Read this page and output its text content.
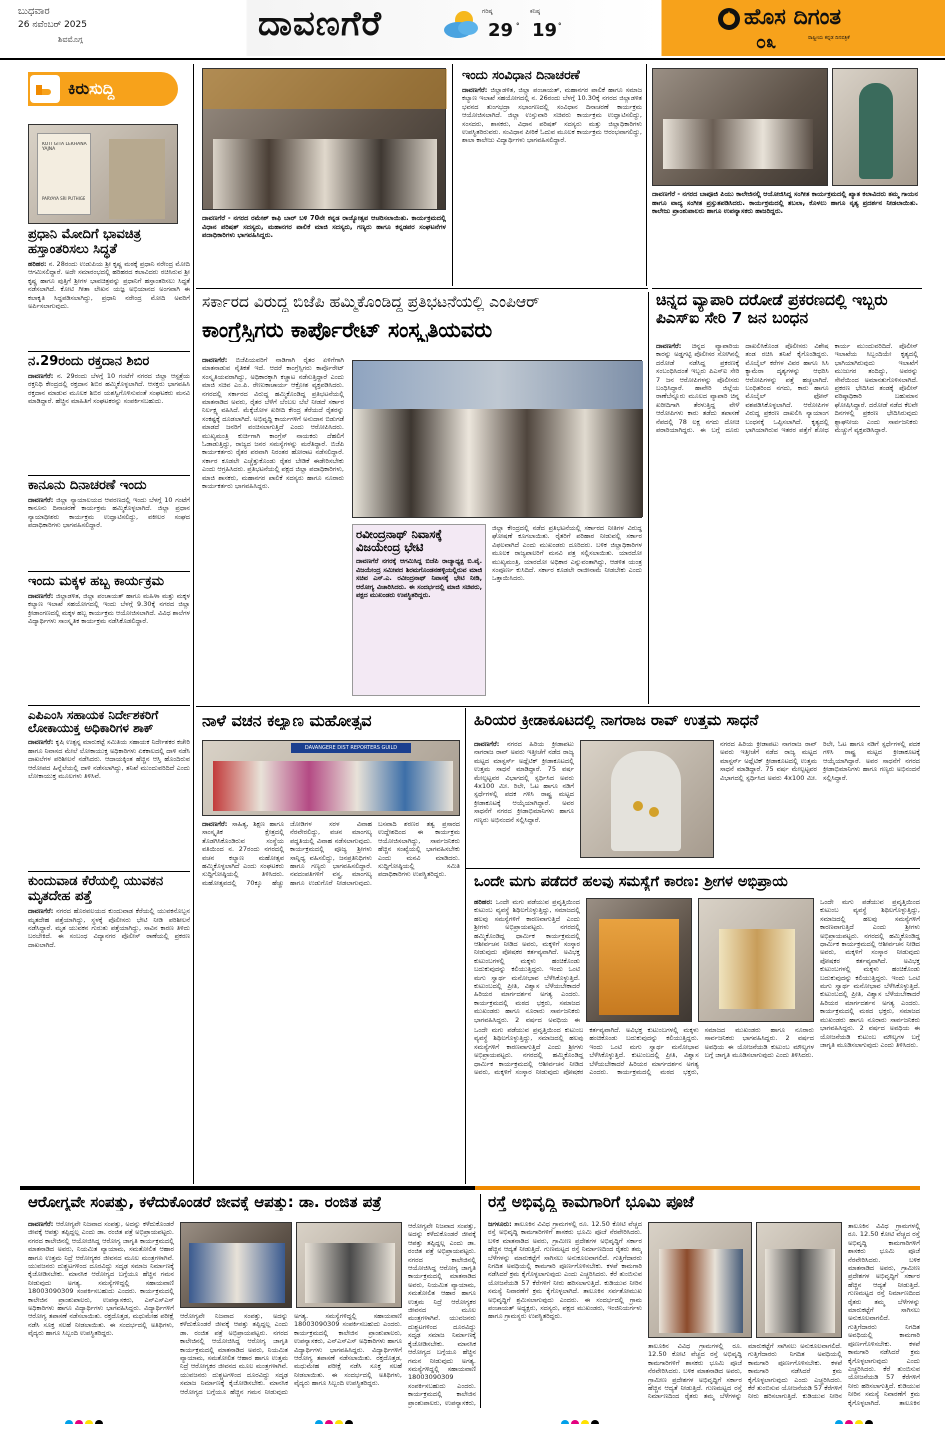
ಬುಧವಾರ
26 ನವೆಂಬರ್ 2025
ಶಿವಮೊಗ್ಗ	ದಾವಣಗೆರೆ	ಗರಿಷ್ಠ
29 °
ಕನಿಷ್ಠ
19 °	ಹೊಸ ದಿಗಂತ
ರಾಷ್ಟ್ರೀಯ ಕನ್ನಡ ದಿನಪತ್ರಿಕೆ
೦೩
ಕಿರುಸುದ್ದಿ
KOTI GITA LEKHANA YAJNA
PARYAYA SRI PUTHIGE
ಪ್ರಧಾನಿ ಮೋದಿಗೆ ಭಾವಚಿತ್ರ ಹಸ್ತಾಂತರಿಸಲು ಸಿದ್ಧತೆ
ಹರಿಹರ: ನ. 28ರಂದು ಉಡುಪಿಯ ಶ್ರೀ ಕೃಷ್ಣ ಮಠಕ್ಕೆ ಪ್ರಧಾನಿ ನರೇಂದ್ರ ಮೋದಿ ಆಗಮಿಸಲಿದ್ದಾರೆ. ಅದೇ ಸಮಾರಂಭದಲ್ಲಿ ಹರಿಹರದ ಕಲಾವಿದರು ರಚಿಸಿರುವ ಶ್ರೀ ಕೃಷ್ಣ ಹಾಗೂ ಪುತ್ತಿಗೆ ಶ್ರೀಗಳ ಭಾವಚಿತ್ರವನ್ನು ಪ್ರಧಾನಿಗೆ ಹಸ್ತಾಂತರಿಸಲು ಸಿದ್ಧತೆ ನಡೆಸಲಾಗಿದೆ. ಕೋಟಿ ಗೀತಾ ಲೇಖನ ಯಜ್ಞ ಅಭಿಯಾನದ ಅಂಗವಾಗಿ ಈ ಕಲಾಕೃತಿ ಸಿದ್ಧಪಡಿಸಲಾಗಿದ್ದು, ಪ್ರಧಾನಿ ನರೇಂದ್ರ ಮೋದಿ ಅವರಿಗೆ ಅರ್ಪಿಸಲಾಗುವುದು.
ನ.29ರಂದು ರಕ್ತದಾನ ಶಿಬಿರ
ದಾವಣಗೆರೆ: ನ. 29ರಂದು ಬೆಳಗ್ಗೆ 10 ಗಂಟೆಗೆ ನಗರದ ಜಿಲ್ಲಾ ಆಸ್ಪತ್ರೆಯ ರಕ್ತನಿಧಿ ಕೇಂದ್ರದಲ್ಲಿ ರಕ್ತದಾನ ಶಿಬಿರ ಹಮ್ಮಿಕೊಳ್ಳಲಾಗಿದೆ. ಆಸಕ್ತರು ಭಾಗವಹಿಸಿ ರಕ್ತದಾನ ಮಾಡುವ ಮೂಲಕ ಶಿಬಿರ ಯಶಸ್ವಿಗೊಳಿಸುವಂತೆ ಸಂಘಟಕರು ಮನವಿ ಮಾಡಿದ್ದಾರೆ. ಹೆಚ್ಚಿನ ಮಾಹಿತಿಗೆ ಸಂಘಟಕರನ್ನು ಸಂಪರ್ಕಿಸಬಹುದು.
ಕಾನೂನು ದಿನಾಚರಣೆ ಇಂದು
ದಾವಣಗೆರೆ: ಜಿಲ್ಲಾ ನ್ಯಾಯಾಲಯದ ಆವರಣದಲ್ಲಿ ಇಂದು ಬೆಳಗ್ಗೆ 10 ಗಂಟೆಗೆ ಕಾನೂನು ದಿನಾಚರಣೆ ಕಾರ್ಯಕ್ರಮ ಹಮ್ಮಿಕೊಳ್ಳಲಾಗಿದೆ. ಜಿಲ್ಲಾ ಪ್ರಧಾನ ನ್ಯಾಯಾಧೀಶರು ಕಾರ್ಯಕ್ರಮ ಉದ್ಘಾಟಿಸಲಿದ್ದು, ವಕೀಲರ ಸಂಘದ ಪದಾಧಿಕಾರಿಗಳು ಭಾಗವಹಿಸಲಿದ್ದಾರೆ.
ಇಂದು ಮಕ್ಕಳ ಹಬ್ಬ ಕಾರ್ಯಕ್ರಮ
ದಾವಣಗೆರೆ: ಜಿಲ್ಲಾಡಳಿತ, ಜಿಲ್ಲಾ ಪಂಚಾಯತ್ ಹಾಗೂ ಮಹಿಳಾ ಮತ್ತು ಮಕ್ಕಳ ಕಲ್ಯಾಣ ಇಲಾಖೆ ಸಹಯೋಗದಲ್ಲಿ ಇಂದು ಬೆಳಗ್ಗೆ 9.30ಕ್ಕೆ ನಗರದ ಜಿಲ್ಲಾ ಕ್ರೀಡಾಂಗಣದಲ್ಲಿ ಮಕ್ಕಳ ಹಬ್ಬ ಕಾರ್ಯಕ್ರಮ ಆಯೋಜಿಸಲಾಗಿದೆ. ವಿವಿಧ ಶಾಲೆಗಳ ವಿದ್ಯಾರ್ಥಿಗಳು ಸಾಂಸ್ಕೃತಿಕ ಕಾರ್ಯಕ್ರಮ ನಡೆಸಿಕೊಡಲಿದ್ದಾರೆ.
ಎಪಿಎಂಸಿ ಸಹಾಯಕ ನಿರ್ದೇಶಕರಿಗೆ ಲೋಕಾಯುಕ್ತ ಅಧಿಕಾರಿಗಳ ಶಾಕ್
ದಾವಣಗೆರೆ: ಕೃಷಿ ಉತ್ಪನ್ನ ಮಾರುಕಟ್ಟೆ ಸಮಿತಿಯ ಸಹಾಯಕ ನಿರ್ದೇಶಕರ ಕಚೇರಿ ಹಾಗೂ ನಿವಾಸದ ಮೇಲೆ ಲೋಕಾಯುಕ್ತ ಅಧಿಕಾರಿಗಳು ಏಕಕಾಲದಲ್ಲಿ ದಾಳಿ ನಡೆಸಿ ದಾಖಲೆಗಳ ಪರಿಶೀಲನೆ ನಡೆಸಿದರು. ಆದಾಯಕ್ಕಿಂತ ಹೆಚ್ಚಿನ ಆಸ್ತಿ ಹೊಂದಿರುವ ಆರೋಪದ ಹಿನ್ನೆಲೆಯಲ್ಲಿ ದಾಳಿ ನಡೆಸಲಾಗಿದ್ದು, ತನಿಖೆ ಮುಂದುವರಿದಿದೆ ಎಂದು ಲೋಕಾಯುಕ್ತ ಮೂಲಗಳು ತಿಳಿಸಿವೆ.
ಕುಂದುವಾಡ ಕೆರೆಯಲ್ಲಿ ಯುವಕನ ಮೃತದೇಹ ಪತ್ತೆ
ದಾವಣಗೆರೆ: ನಗರದ ಹೊರವಲಯದ ಕುಂದುವಾಡ ಕೆರೆಯಲ್ಲಿ ಯುವಕನೊಬ್ಬನ ಮೃತದೇಹ ಪತ್ತೆಯಾಗಿದ್ದು, ಸ್ಥಳಕ್ಕೆ ಪೊಲೀಸರು ಭೇಟಿ ನೀಡಿ ಪರಿಶೀಲನೆ ನಡೆಸಿದ್ದಾರೆ. ಮೃತ ಯುವಕನ ಗುರುತು ಪತ್ತೆಯಾಗಿದ್ದು, ಸಾವಿನ ಕಾರಣ ತಿಳಿದು ಬರಬೇಕಿದೆ. ಈ ಸಂಬಂಧ ವಿದ್ಯಾನಗರ ಪೊಲೀಸ್ ಠಾಣೆಯಲ್ಲಿ ಪ್ರಕರಣ ದಾಖಲಾಗಿದೆ.
ದಾವಣಗೆರೆ - ನಗರದ ರಮೇಶ್ ಕಾಫಿ ಬಾರ್ ಬಳಿ 70ನೇ ಕನ್ನಡ ರಾಜ್ಯೋತ್ಸವ ಆಚರಿಸಲಾಯಿತು. ಕಾರ್ಯಕ್ರಮದಲ್ಲಿ ವಿಧಾನ ಪರಿಷತ್ ಸದಸ್ಯರು, ಮಹಾನಗರ ಪಾಲಿಕೆ ಮಾಜಿ ಸದಸ್ಯರು, ಗಣ್ಯರು ಹಾಗೂ ಕನ್ನಡಪರ ಸಂಘಟನೆಗಳ ಪದಾಧಿಕಾರಿಗಳು ಭಾಗವಹಿಸಿದ್ದರು.
ಇಂದು ಸಂವಿಧಾನ ದಿನಾಚರಣೆ
ದಾವಣಗೆರೆ: ಜಿಲ್ಲಾಡಳಿತ, ಜಿಲ್ಲಾ ಪಂಚಾಯತ್, ಮಹಾನಗರ ಪಾಲಿಕೆ ಹಾಗೂ ಸಮಾಜ ಕಲ್ಯಾಣ ಇಲಾಖೆ ಸಹಯೋಗದಲ್ಲಿ ನ. 26ರಂದು ಬೆಳಗ್ಗೆ 10.30ಕ್ಕೆ ನಗರದ ಜಿಲ್ಲಾಡಳಿತ ಭವನದ ತುಂಗಭದ್ರಾ ಸಭಾಂಗಣದಲ್ಲಿ ಸಂವಿಧಾನ ದಿನಾಚರಣೆ ಕಾರ್ಯಕ್ರಮ ಆಯೋಜಿಸಲಾಗಿದೆ. ಜಿಲ್ಲಾ ಉಸ್ತುವಾರಿ ಸಚಿವರು ಕಾರ್ಯಕ್ರಮ ಉದ್ಘಾಟಿಸಲಿದ್ದು, ಸಂಸದರು, ಶಾಸಕರು, ವಿಧಾನ ಪರಿಷತ್ ಸದಸ್ಯರು ಮತ್ತು ಜಿಲ್ಲಾಧಿಕಾರಿಗಳು ಉಪಸ್ಥಿತರಿರುವರು. ಸಂವಿಧಾನ ಪೀಠಿಕೆ ಓದುವ ಮೂಲಕ ಕಾರ್ಯಕ್ರಮ ಆರಂಭವಾಗಲಿದ್ದು, ಶಾಲಾ ಕಾಲೇಜು ವಿದ್ಯಾರ್ಥಿಗಳು ಭಾಗವಹಿಸಲಿದ್ದಾರೆ.
ದಾವಣಗೆರೆ - ನಗರದ ಬಾಪೂಜಿ ಪಿಯು ಕಾಲೇಜಿನಲ್ಲಿ ಆಯೋಜಿಸಿದ್ದ ಸಂಗೀತ ಕಾರ್ಯಕ್ರಮದಲ್ಲಿ ಖ್ಯಾತ ಕಲಾವಿದರು ತಮ್ಮ ಗಾಯನ ಹಾಗೂ ವಾದ್ಯ ಸಂಗೀತ ಪ್ರಸ್ತುತಪಡಿಸಿದರು. ಕಾರ್ಯಕ್ರಮದಲ್ಲಿ ತಬಲಾ, ಕೊಳಲು ಹಾಗೂ ನೃತ್ಯ ಪ್ರದರ್ಶನ ನೀಡಲಾಯಿತು. ಕಾಲೇಜು ಪ್ರಾಂಶುಪಾಲರು ಹಾಗೂ ಉಪನ್ಯಾಸಕರು ಹಾಜರಿದ್ದರು.
ಸರ್ಕಾರದ ವಿರುದ್ಧ ಬಿಜೆಪಿ ಹಮ್ಮಿಕೊಂಡಿದ್ದ ಪ್ರತಿಭಟನೆಯಲ್ಲಿ ಎಂಪಿಆರ್
ಕಾಂಗ್ರೆಸ್ಸಿಗರು ಕಾರ್ಪೊರೇಟ್ ಸಂಸ್ಕೃತಿಯವರು
ದಾವಣಗೆರೆ: ಬಿಜೆಪಿಯವರಿಗೆ ನಾಡಿಗಾಗಿ ರೈತರ ಏಳಿಗೆಗಾಗಿ ಮಾತನಾಡುವ ನೈತಿಕತೆ ಇದೆ. ಆದರೆ ಕಾಂಗ್ರೆಸ್ಸಿಗರು ಕಾರ್ಪೊರೇಟ್ ಸಂಸ್ಕೃತಿಯವರಾಗಿದ್ದು, ಅಧಿಕಾರಕ್ಕಾಗಿ ಕಚ್ಚಾಟ ನಡೆಸುತ್ತಿದ್ದಾರೆ ಎಂದು ಮಾಜಿ ಸಚಿವ ಎಂ.ಪಿ. ರೇಣುಕಾಚಾರ್ಯ ಆಕ್ರೋಶ ವ್ಯಕ್ತಪಡಿಸಿದರು. ನಗರದಲ್ಲಿ ಸರ್ಕಾರದ ವಿರುದ್ಧ ಹಮ್ಮಿಕೊಂಡಿದ್ದ ಪ್ರತಿಭಟನೆಯಲ್ಲಿ ಮಾತನಾಡಿದ ಅವರು, ರೈತರ ಬೆಳೆಗೆ ಬೆಂಬಲ ಬೆಲೆ ನೀಡದೆ ಸರ್ಕಾರ ನಿರ್ಲಕ್ಷ್ಯ ವಹಿಸಿದೆ. ಮೆಕ್ಕೆಜೋಳ ಖರೀದಿ ಕೇಂದ್ರ ತೆರೆಯದೆ ರೈತರನ್ನು ಸಂಕಷ್ಟಕ್ಕೆ ದೂಡಲಾಗಿದೆ. ಅಭಿವೃದ್ಧಿ ಕಾರ್ಯಗಳಿಗೆ ಅನುದಾನ ಬಿಡುಗಡೆ ಮಾಡದೆ ಜನರಿಗೆ ವಂಚಿಸಲಾಗುತ್ತಿದೆ ಎಂದು ಆರೋಪಿಸಿದರು. ಮುಖ್ಯಮಂತ್ರಿ ಕುರ್ಚಿಗಾಗಿ ಕಾಂಗ್ರೆಸ್ ನಾಯಕರು ದೆಹಲಿಗೆ ಓಡಾಡುತ್ತಿದ್ದು, ರಾಜ್ಯದ ಜನರ ಸಮಸ್ಯೆಗಳನ್ನು ಮರೆತಿದ್ದಾರೆ. ಬಿಜೆಪಿ ಕಾರ್ಯಕರ್ತರು ರೈತರ ಪರವಾಗಿ ನಿರಂತರ ಹೋರಾಟ ನಡೆಸಲಿದ್ದಾರೆ. ಸರ್ಕಾರ ಕೂಡಲೇ ಎಚ್ಚೆತ್ತುಕೊಂಡು ರೈತರ ಬೇಡಿಕೆ ಈಡೇರಿಸಬೇಕು ಎಂದು ಆಗ್ರಹಿಸಿದರು. ಪ್ರತಿಭಟನೆಯಲ್ಲಿ ಪಕ್ಷದ ಜಿಲ್ಲಾ ಪದಾಧಿಕಾರಿಗಳು, ಮಾಜಿ ಶಾಸಕರು, ಮಹಾನಗರ ಪಾಲಿಕೆ ಸದಸ್ಯರು ಹಾಗೂ ನೂರಾರು ಕಾರ್ಯಕರ್ತರು ಭಾಗವಹಿಸಿದ್ದರು.
ರವೀಂದ್ರನಾಥ್ ನಿವಾಸಕ್ಕೆ ವಿಜಯೇಂದ್ರ ಭೇಟಿ
ದಾವಣಗೆರೆ ನಗರಕ್ಕೆ ಆಗಮಿಸಿದ್ದ ಬಿಜೆಪಿ ರಾಜ್ಯಾಧ್ಯಕ್ಷ ಬಿ.ವೈ. ವಿಜಯೇಂದ್ರ ಸಮೀಪದ ಶಿರಮಗೊಂಡನಹಳ್ಳಿಯಲ್ಲಿರುವ ಮಾಜಿ ಸಚಿವ ಎಸ್.ಎ. ರವೀಂದ್ರನಾಥ್ ನಿವಾಸಕ್ಕೆ ಭೇಟಿ ನೀಡಿ, ಆರೋಗ್ಯ ವಿಚಾರಿಸಿದರು. ಈ ಸಂದರ್ಭದಲ್ಲಿ ಮಾಜಿ ಸಚಿವರು, ಪಕ್ಷದ ಮುಖಂಡರು ಉಪಸ್ಥಿತರಿದ್ದರು.
ಜಿಲ್ಲಾ ಕೇಂದ್ರದಲ್ಲಿ ನಡೆದ ಪ್ರತಿಭಟನೆಯಲ್ಲಿ ಸರ್ಕಾರದ ನೀತಿಗಳ ವಿರುದ್ಧ ಘೋಷಣೆ ಕೂಗಲಾಯಿತು. ರೈತರಿಗೆ ಪರಿಹಾರ ನೀಡುವಲ್ಲಿ ಸರ್ಕಾರ ವಿಫಲವಾಗಿದೆ ಎಂದು ಮುಖಂಡರು ದೂರಿದರು. ಬಳಿಕ ಜಿಲ್ಲಾಧಿಕಾರಿಗಳ ಮೂಲಕ ರಾಜ್ಯಪಾಲರಿಗೆ ಮನವಿ ಪತ್ರ ಸಲ್ಲಿಸಲಾಯಿತು. ಯಾರದೋ ಮುಖ್ಯಮಂತ್ರಿ, ಯಾರದೋ ಅಧಿಕಾರ ಎನ್ನುವಂತಾಗಿದ್ದು, ಆಡಳಿತ ಯಂತ್ರ ಸಂಪೂರ್ಣ ಕುಸಿದಿದೆ. ಸರ್ಕಾರ ಕೂಡಲೇ ರಾಜೀನಾಮೆ ನೀಡಬೇಕು ಎಂದು ಒತ್ತಾಯಿಸಿದರು.
ಚಿನ್ನದ ವ್ಯಾಪಾರಿ ದರೋಡೆ ಪ್ರಕರಣದಲ್ಲಿ ಇಬ್ಬರು ಪಿಎಸ್ಐ ಸೇರಿ 7 ಜನ ಬಂಧನ
ದಾವಣಗೆರೆ: ಚಿನ್ನದ ವ್ಯಾಪಾರಿಯ ಕಾರನ್ನು ಅಡ್ಡಗಟ್ಟಿ ಪೊಲೀಸರ ಸೋಗಿನಲ್ಲಿ ದರೋಡೆ ನಡೆಸಿದ್ದ ಪ್ರಕರಣಕ್ಕೆ ಸಂಬಂಧಿಸಿದಂತೆ ಇಬ್ಬರು ಪಿಎಸ್ಐ ಸೇರಿ 7 ಜನ ಆರೋಪಿಗಳನ್ನು ಪೊಲೀಸರು ಬಂಧಿಸಿದ್ದಾರೆ. ಹಾವೇರಿ ಜಿಲ್ಲೆಯ ರಾಣೆಬೆನ್ನೂರು ಮೂಲದ ವ್ಯಾಪಾರಿ ಚಿನ್ನ ಖರೀದಿಗಾಗಿ ತೆರಳುತ್ತಿದ್ದ ವೇಳೆ ಆರೋಪಿಗಳು ಕಾರು ತಡೆದು ತಪಾಸಣೆ ನೆಪದಲ್ಲಿ 78 ಲಕ್ಷ ನಗದು ದೋಚಿ ಪರಾರಿಯಾಗಿದ್ದರು. ಈ ಬಗ್ಗೆ ದೂರು ದಾಖಲಿಸಿಕೊಂಡ ಪೊಲೀಸರು ವಿಶೇಷ ತಂಡ ರಚಿಸಿ ತನಿಖೆ ಕೈಗೊಂಡಿದ್ದರು. ಮೊಬೈಲ್ ಕರೆಗಳ ವಿವರ ಹಾಗೂ ಸಿಸಿ ಕ್ಯಾಮೆರಾ ದೃಶ್ಯಗಳನ್ನು ಆಧರಿಸಿ ಆರೋಪಿಗಳನ್ನು ಪತ್ತೆ ಹಚ್ಚಲಾಗಿದೆ. ಬಂಧಿತರಿಂದ ನಗದು, ಕಾರು ಹಾಗೂ ಮೊಬೈಲ್ ಫೋನ್ ವಶಪಡಿಸಿಕೊಳ್ಳಲಾಗಿದೆ. ಆರೋಪಿಗಳ ವಿರುದ್ಧ ಪ್ರಕರಣ ದಾಖಲಿಸಿ ನ್ಯಾಯಾಂಗ ಬಂಧನಕ್ಕೆ ಒಪ್ಪಿಸಲಾಗಿದೆ. ಕೃತ್ಯದಲ್ಲಿ ಭಾಗಿಯಾಗಿರುವ ಇತರರ ಪತ್ತೆಗೆ ಶೋಧ ಕಾರ್ಯ ಮುಂದುವರಿದಿದೆ. ಪೊಲೀಸ್ ಇಲಾಖೆಯ ಸಿಬ್ಬಂದಿಯೇ ಕೃತ್ಯದಲ್ಲಿ ಭಾಗಿಯಾಗಿರುವುದು ಇಲಾಖೆಗೆ ಮುಜುಗರ ತಂದಿದ್ದು, ಅವರನ್ನು ಸೇವೆಯಿಂದ ಅಮಾನತುಗೊಳಿಸಲಾಗಿದೆ. ಪ್ರಕರಣ ಭೇದಿಸಿದ ತಂಡಕ್ಕೆ ಪೊಲೀಸ್ ವರಿಷ್ಠಾಧಿಕಾರಿ ಬಹುಮಾನ ಘೋಷಿಸಿದ್ದಾರೆ. ದರೋಡೆ ನಡೆದ ಕೆಲವೇ ದಿನಗಳಲ್ಲಿ ಪ್ರಕರಣ ಭೇದಿಸಿರುವುದು ಶ್ಲಾಘನೀಯ ಎಂದು ಸಾರ್ವಜನಿಕರು ಮೆಚ್ಚುಗೆ ವ್ಯಕ್ತಪಡಿಸಿದ್ದಾರೆ.
ನಾಳೆ ವಚನ ಕಲ್ಯಾಣ ಮಹೋತ್ಸವ
DAVANGERE DIST REPORTERS GUILD
ದಾವಣಗೆರೆ: ಸಾಹಿತ್ಯ, ಶಿಕ್ಷಣ ಹಾಗೂ ಸಾಂಸ್ಕೃತಿಕ ಕ್ಷೇತ್ರದಲ್ಲಿ ತೊಡಗಿಸಿಕೊಂಡಿರುವ ಸಂಸ್ಥೆಯ ವತಿಯಿಂದ ನ. 27ರಂದು ನಗರದಲ್ಲಿ ವಚನ ಕಲ್ಯಾಣ ಮಹೋತ್ಸವ ಹಮ್ಮಿಕೊಳ್ಳಲಾಗಿದೆ ಎಂದು ಸಂಘಟಕರು ಸುದ್ದಿಗೋಷ್ಠಿಯಲ್ಲಿ ತಿಳಿಸಿದರು. ಮಹೋತ್ಸವದಲ್ಲಿ 70ಕ್ಕೂ ಹೆಚ್ಚು ಜೋಡಿಗಳ ಸರಳ ವಿವಾಹ ನೆರವೇರಲಿದ್ದು, ವಚನ ಮಾಂಗಲ್ಯ ಪದ್ಧತಿಯಲ್ಲಿ ವಿವಾಹ ನಡೆಸಲಾಗುವುದು. ಕಾರ್ಯಕ್ರಮದಲ್ಲಿ ಪೂಜ್ಯ ಶ್ರೀಗಳು ಸಾನ್ನಿಧ್ಯ ವಹಿಸಲಿದ್ದು, ಜನಪ್ರತಿನಿಧಿಗಳು ಹಾಗೂ ಗಣ್ಯರು ಭಾಗವಹಿಸಲಿದ್ದಾರೆ. ನವದಂಪತಿಗಳಿಗೆ ವಸ್ತ್ರ, ಮಾಂಗಲ್ಯ ಹಾಗೂ ಉಡುಗೊರೆ ನೀಡಲಾಗುವುದು. ಬಸವಾದಿ ಶರಣರ ತತ್ವ ಪ್ರಸಾರದ ಉದ್ದೇಶದಿಂದ ಈ ಕಾರ್ಯಕ್ರಮ ಆಯೋಜಿಸಲಾಗಿದ್ದು, ಸಾರ್ವಜನಿಕರು ಹೆಚ್ಚಿನ ಸಂಖ್ಯೆಯಲ್ಲಿ ಭಾಗವಹಿಸಬೇಕು ಎಂದು ಮನವಿ ಮಾಡಿದರು. ಸುದ್ದಿಗೋಷ್ಠಿಯಲ್ಲಿ ಸಮಿತಿ ಪದಾಧಿಕಾರಿಗಳು ಉಪಸ್ಥಿತರಿದ್ದರು.
ಹಿರಿಯರ ಕ್ರೀಡಾಕೂಟದಲ್ಲಿ ನಾಗರಾಜ ರಾವ್ ಉತ್ತಮ ಸಾಧನೆ
ದಾವಣಗೆರೆ: ನಗರದ ಹಿರಿಯ ಕ್ರೀಡಾಪಟು ನಾಗರಾಜ ರಾವ್ ಅವರು ಇತ್ತೀಚೆಗೆ ನಡೆದ ರಾಜ್ಯ ಮಟ್ಟದ ಮಾಸ್ಟರ್ಸ್ ಅಥ್ಲೆಟಿಕ್ ಕ್ರೀಡಾಕೂಟದಲ್ಲಿ ಉತ್ತಮ ಸಾಧನೆ ಮಾಡಿದ್ದಾರೆ. 75 ವರ್ಷ ಮೇಲ್ಪಟ್ಟವರ ವಿಭಾಗದಲ್ಲಿ ಸ್ಪರ್ಧಿಸಿದ ಅವರು 4x100 ಮೀ. ರಿಲೇ, ಓಟ ಹಾಗೂ ನಡಿಗೆ ಸ್ಪರ್ಧೆಗಳಲ್ಲಿ ಪದಕ ಗಳಿಸಿ ರಾಷ್ಟ್ರ ಮಟ್ಟದ ಕ್ರೀಡಾಕೂಟಕ್ಕೆ ಆಯ್ಕೆಯಾಗಿದ್ದಾರೆ. ಅವರ ಸಾಧನೆಗೆ ನಗರದ ಕ್ರೀಡಾಭಿಮಾನಿಗಳು ಹಾಗೂ ಗಣ್ಯರು ಅಭಿನಂದನೆ ಸಲ್ಲಿಸಿದ್ದಾರೆ.
ನಗರದ ಹಿರಿಯ ಕ್ರೀಡಾಪಟು ನಾಗರಾಜ ರಾವ್ ಅವರು ಇತ್ತೀಚೆಗೆ ನಡೆದ ರಾಜ್ಯ ಮಟ್ಟದ ಮಾಸ್ಟರ್ಸ್ ಅಥ್ಲೆಟಿಕ್ ಕ್ರೀಡಾಕೂಟದಲ್ಲಿ ಉತ್ತಮ ಸಾಧನೆ ಮಾಡಿದ್ದಾರೆ. 75 ವರ್ಷ ಮೇಲ್ಪಟ್ಟವರ ವಿಭಾಗದಲ್ಲಿ ಸ್ಪರ್ಧಿಸಿದ ಅವರು 4x100 ಮೀ. ರಿಲೇ, ಓಟ ಹಾಗೂ ನಡಿಗೆ ಸ್ಪರ್ಧೆಗಳಲ್ಲಿ ಪದಕ ಗಳಿಸಿ ರಾಷ್ಟ್ರ ಮಟ್ಟದ ಕ್ರೀಡಾಕೂಟಕ್ಕೆ ಆಯ್ಕೆಯಾಗಿದ್ದಾರೆ. ಅವರ ಸಾಧನೆಗೆ ನಗರದ ಕ್ರೀಡಾಭಿಮಾನಿಗಳು ಹಾಗೂ ಗಣ್ಯರು ಅಭಿನಂದನೆ ಸಲ್ಲಿಸಿದ್ದಾರೆ.
ಒಂದೇ ಮಗು ಪಡೆದರೆ ಹಲವು ಸಮಸ್ಯೆಗೆ ಕಾರಣ: ಶ್ರೀಗಳ ಅಭಿಪ್ರಾಯ
ಹರಿಹರ: ಒಂದೇ ಮಗು ಪಡೆಯುವ ಪ್ರವೃತ್ತಿಯಿಂದ ಕುಟುಂಬ ವ್ಯವಸ್ಥೆ ಶಿಥಿಲಗೊಳ್ಳುತ್ತಿದ್ದು, ಸಮಾಜದಲ್ಲಿ ಹಲವು ಸಮಸ್ಯೆಗಳಿಗೆ ಕಾರಣವಾಗುತ್ತಿದೆ ಎಂದು ಶ್ರೀಗಳು ಅಭಿಪ್ರಾಯಪಟ್ಟರು. ನಗರದಲ್ಲಿ ಹಮ್ಮಿಕೊಂಡಿದ್ದ ಧಾರ್ಮಿಕ ಕಾರ್ಯಕ್ರಮದಲ್ಲಿ ಆಶೀರ್ವಚನ ನೀಡಿದ ಅವರು, ಮಕ್ಕಳಿಗೆ ಸಂಸ್ಕಾರ ನೀಡುವುದು ಪೋಷಕರ ಕರ್ತವ್ಯವಾಗಿದೆ. ಅವಿಭಕ್ತ ಕುಟುಂಬಗಳಲ್ಲಿ ಮಕ್ಕಳು ಹಂಚಿಕೊಂಡು ಬದುಕುವುದನ್ನು ಕಲಿಯುತ್ತಿದ್ದರು. ಇಂದು ಒಂಟಿ ಮಗು ಸ್ವಾರ್ಥ ಮನೋಭಾವ ಬೆಳೆಸಿಕೊಳ್ಳುತ್ತಿದೆ. ಕುಟುಂಬದಲ್ಲಿ ಪ್ರೀತಿ, ವಿಶ್ವಾಸ ಬೆಳೆಯಬೇಕಾದರೆ ಹಿರಿಯರ ಮಾರ್ಗದರ್ಶನ ಅಗತ್ಯ ಎಂದರು. ಕಾರ್ಯಕ್ರಮದಲ್ಲಿ ಮಠದ ಭಕ್ತರು, ಸಮಾಜದ ಮುಖಂಡರು ಹಾಗೂ ನೂರಾರು ಸಾರ್ವಜನಿಕರು ಭಾಗವಹಿಸಿದ್ದರು. 2 ವರ್ಷದ ಅವಧಿಯ ಈ
ಒಂದೇ ಮಗು ಪಡೆಯುವ ಪ್ರವೃತ್ತಿಯಿಂದ ಕುಟುಂಬ ವ್ಯವಸ್ಥೆ ಶಿಥಿಲಗೊಳ್ಳುತ್ತಿದ್ದು, ಸಮಾಜದಲ್ಲಿ ಹಲವು ಸಮಸ್ಯೆಗಳಿಗೆ ಕಾರಣವಾಗುತ್ತಿದೆ ಎಂದು ಶ್ರೀಗಳು ಅಭಿಪ್ರಾಯಪಟ್ಟರು. ನಗರದಲ್ಲಿ ಹಮ್ಮಿಕೊಂಡಿದ್ದ ಧಾರ್ಮಿಕ ಕಾರ್ಯಕ್ರಮದಲ್ಲಿ ಆಶೀರ್ವಚನ ನೀಡಿದ ಅವರು, ಮಕ್ಕಳಿಗೆ ಸಂಸ್ಕಾರ ನೀಡುವುದು ಪೋಷಕರ ಕರ್ತವ್ಯವಾಗಿದೆ. ಅವಿಭಕ್ತ ಕುಟುಂಬಗಳಲ್ಲಿ ಮಕ್ಕಳು ಹಂಚಿಕೊಂಡು ಬದುಕುವುದನ್ನು ಕಲಿಯುತ್ತಿದ್ದರು. ಇಂದು ಒಂಟಿ ಮಗು ಸ್ವಾರ್ಥ ಮನೋಭಾವ ಬೆಳೆಸಿಕೊಳ್ಳುತ್ತಿದೆ. ಕುಟುಂಬದಲ್ಲಿ ಪ್ರೀತಿ, ವಿಶ್ವಾಸ ಬೆಳೆಯಬೇಕಾದರೆ ಹಿರಿಯರ ಮಾರ್ಗದರ್ಶನ ಅಗತ್ಯ ಎಂದರು. ಕಾರ್ಯಕ್ರಮದಲ್ಲಿ ಮಠದ ಭಕ್ತರು, ಸಮಾಜದ ಮುಖಂಡರು ಹಾಗೂ ನೂರಾರು ಸಾರ್ವಜನಿಕರು ಭಾಗವಹಿಸಿದ್ದರು. 2 ವರ್ಷದ ಅವಧಿಯ ಈ ಯೋಜನೆಯಡಿ ಕುಟುಂಬ ಮೌಲ್ಯಗಳ ಬಗ್ಗೆ ಜಾಗೃತಿ ಮೂಡಿಸಲಾಗುವುದು ಎಂದು ತಿಳಿಸಿದರು.
ಒಂದೇ ಮಗು ಪಡೆಯುವ ಪ್ರವೃತ್ತಿಯಿಂದ ಕುಟುಂಬ ವ್ಯವಸ್ಥೆ ಶಿಥಿಲಗೊಳ್ಳುತ್ತಿದ್ದು, ಸಮಾಜದಲ್ಲಿ ಹಲವು ಸಮಸ್ಯೆಗಳಿಗೆ ಕಾರಣವಾಗುತ್ತಿದೆ ಎಂದು ಶ್ರೀಗಳು ಅಭಿಪ್ರಾಯಪಟ್ಟರು. ನಗರದಲ್ಲಿ ಹಮ್ಮಿಕೊಂಡಿದ್ದ ಧಾರ್ಮಿಕ ಕಾರ್ಯಕ್ರಮದಲ್ಲಿ ಆಶೀರ್ವಚನ ನೀಡಿದ ಅವರು, ಮಕ್ಕಳಿಗೆ ಸಂಸ್ಕಾರ ನೀಡುವುದು ಪೋಷಕರ ಕರ್ತವ್ಯವಾಗಿದೆ. ಅವಿಭಕ್ತ ಕುಟುಂಬಗಳಲ್ಲಿ ಮಕ್ಕಳು ಹಂಚಿಕೊಂಡು ಬದುಕುವುದನ್ನು ಕಲಿಯುತ್ತಿದ್ದರು. ಇಂದು ಒಂಟಿ ಮಗು ಸ್ವಾರ್ಥ ಮನೋಭಾವ ಬೆಳೆಸಿಕೊಳ್ಳುತ್ತಿದೆ. ಕುಟುಂಬದಲ್ಲಿ ಪ್ರೀತಿ, ವಿಶ್ವಾಸ ಬೆಳೆಯಬೇಕಾದರೆ ಹಿರಿಯರ ಮಾರ್ಗದರ್ಶನ ಅಗತ್ಯ ಎಂದರು. ಕಾರ್ಯಕ್ರಮದಲ್ಲಿ ಮಠದ ಭಕ್ತರು, ಸಮಾಜದ ಮುಖಂಡರು ಹಾಗೂ ನೂರಾರು ಸಾರ್ವಜನಿಕರು ಭಾಗವಹಿಸಿದ್ದರು. 2 ವರ್ಷದ ಅವಧಿಯ ಈ ಯೋಜನೆಯಡಿ ಕುಟುಂಬ ಮೌಲ್ಯಗಳ ಬಗ್ಗೆ ಜಾಗೃತಿ ಮೂಡಿಸಲಾಗುವುದು ಎಂದು ತಿಳಿಸಿದರು.
ಆರೋಗ್ಯವೇ ಸಂಪತ್ತು, ಕಳೆದುಕೊಂಡರೆ ಜೀವಕ್ಕೆ ಆಪತ್ತು: ಡಾ. ರಂಜಿತ ಪತ್ರೆ
ದಾವಣಗೆರೆ: ಆರೋಗ್ಯವೇ ನಿಜವಾದ ಸಂಪತ್ತು, ಅದನ್ನು ಕಳೆದುಕೊಂಡರೆ ಜೀವಕ್ಕೆ ಆಪತ್ತು ತಪ್ಪಿದ್ದಲ್ಲ ಎಂದು ಡಾ. ರಂಜಿತ ಪತ್ರೆ ಅಭಿಪ್ರಾಯಪಟ್ಟರು. ನಗರದ ಕಾಲೇಜಿನಲ್ಲಿ ಆಯೋಜಿಸಿದ್ದ ಆರೋಗ್ಯ ಜಾಗೃತಿ ಕಾರ್ಯಕ್ರಮದಲ್ಲಿ ಮಾತನಾಡಿದ ಅವರು, ನಿಯಮಿತ ವ್ಯಾಯಾಮ, ಸಮತೋಲಿತ ಆಹಾರ ಹಾಗೂ ಉತ್ತಮ ನಿದ್ರೆ ಆರೋಗ್ಯಕರ ಜೀವನದ ಮೂಲ ಮಂತ್ರಗಳಾಗಿವೆ. ಯುವಜನರು ದುಶ್ಚಟಗಳಿಂದ ದೂರವಿದ್ದು ಸದೃಢ ಸಮಾಜ ನಿರ್ಮಾಣಕ್ಕೆ ಕೈಜೋಡಿಸಬೇಕು. ಮಾನಸಿಕ ಆರೋಗ್ಯದ ಬಗ್ಗೆಯೂ ಹೆಚ್ಚಿನ ಗಮನ ನೀಡುವುದು ಅಗತ್ಯ. ಸಮಸ್ಯೆಗಳಿದ್ದಲ್ಲಿ ಸಹಾಯವಾಣಿ 18003090309 ಸಂಪರ್ಕಿಸಬಹುದು ಎಂದರು. ಕಾರ್ಯಕ್ರಮದಲ್ಲಿ ಕಾಲೇಜಿನ ಪ್ರಾಂಶುಪಾಲರು, ಉಪನ್ಯಾಸಕರು, ಎನ್ಎಸ್ಎಸ್ ಅಧಿಕಾರಿಗಳು ಹಾಗೂ ವಿದ್ಯಾರ್ಥಿಗಳು ಭಾಗವಹಿಸಿದ್ದರು. ವಿದ್ಯಾರ್ಥಿಗಳಿಗೆ ಆರೋಗ್ಯ ತಪಾಸಣೆ ನಡೆಸಲಾಯಿತು. ರಕ್ತದೊತ್ತಡ, ಮಧುಮೇಹ ಪರೀಕ್ಷೆ ನಡೆಸಿ ಸೂಕ್ತ ಸಲಹೆ ನೀಡಲಾಯಿತು. ಈ ಸಂದರ್ಭದಲ್ಲಿ ಅತಿಥಿಗಳು, ವೈದ್ಯರು ಹಾಗೂ ಸಿಬ್ಬಂದಿ ಉಪಸ್ಥಿತರಿದ್ದರು.
ಆರೋಗ್ಯವೇ ನಿಜವಾದ ಸಂಪತ್ತು, ಅದನ್ನು ಕಳೆದುಕೊಂಡರೆ ಜೀವಕ್ಕೆ ಆಪತ್ತು ತಪ್ಪಿದ್ದಲ್ಲ ಎಂದು ಡಾ. ರಂಜಿತ ಪತ್ರೆ ಅಭಿಪ್ರಾಯಪಟ್ಟರು. ನಗರದ ಕಾಲೇಜಿನಲ್ಲಿ ಆಯೋಜಿಸಿದ್ದ ಆರೋಗ್ಯ ಜಾಗೃತಿ ಕಾರ್ಯಕ್ರಮದಲ್ಲಿ ಮಾತನಾಡಿದ ಅವರು, ನಿಯಮಿತ ವ್ಯಾಯಾಮ, ಸಮತೋಲಿತ ಆಹಾರ ಹಾಗೂ ಉತ್ತಮ ನಿದ್ರೆ ಆರೋಗ್ಯಕರ ಜೀವನದ ಮೂಲ ಮಂತ್ರಗಳಾಗಿವೆ. ಯುವಜನರು ದುಶ್ಚಟಗಳಿಂದ ದೂರವಿದ್ದು ಸದೃಢ ಸಮಾಜ ನಿರ್ಮಾಣಕ್ಕೆ ಕೈಜೋಡಿಸಬೇಕು. ಮಾನಸಿಕ ಆರೋಗ್ಯದ ಬಗ್ಗೆಯೂ ಹೆಚ್ಚಿನ ಗಮನ ನೀಡುವುದು ಅಗತ್ಯ. ಸಮಸ್ಯೆಗಳಿದ್ದಲ್ಲಿ ಸಹಾಯವಾಣಿ 18003090309 ಸಂಪರ್ಕಿಸಬಹುದು ಎಂದರು. ಕಾರ್ಯಕ್ರಮದಲ್ಲಿ ಕಾಲೇಜಿನ ಪ್ರಾಂಶುಪಾಲರು, ಉಪನ್ಯಾಸಕರು, ಎನ್ಎಸ್ಎಸ್ ಅಧಿಕಾರಿಗಳು ಹಾಗೂ ವಿದ್ಯಾರ್ಥಿಗಳು ಭಾಗವಹಿಸಿದ್ದರು. ವಿದ್ಯಾರ್ಥಿಗಳಿಗೆ ಆರೋಗ್ಯ ತಪಾಸಣೆ ನಡೆಸಲಾಯಿತು. ರಕ್ತದೊತ್ತಡ, ಮಧುಮೇಹ ಪರೀಕ್ಷೆ ನಡೆಸಿ ಸೂಕ್ತ ಸಲಹೆ ನೀಡಲಾಯಿತು. ಈ ಸಂದರ್ಭದಲ್ಲಿ ಅತಿಥಿಗಳು, ವೈದ್ಯರು ಹಾಗೂ ಸಿಬ್ಬಂದಿ ಉಪಸ್ಥಿತರಿದ್ದರು.
ಆರೋಗ್ಯವೇ ನಿಜವಾದ ಸಂಪತ್ತು, ಅದನ್ನು ಕಳೆದುಕೊಂಡರೆ ಜೀವಕ್ಕೆ ಆಪತ್ತು ತಪ್ಪಿದ್ದಲ್ಲ ಎಂದು ಡಾ. ರಂಜಿತ ಪತ್ರೆ ಅಭಿಪ್ರಾಯಪಟ್ಟರು. ನಗರದ ಕಾಲೇಜಿನಲ್ಲಿ ಆಯೋಜಿಸಿದ್ದ ಆರೋಗ್ಯ ಜಾಗೃತಿ ಕಾರ್ಯಕ್ರಮದಲ್ಲಿ ಮಾತನಾಡಿದ ಅವರು, ನಿಯಮಿತ ವ್ಯಾಯಾಮ, ಸಮತೋಲಿತ ಆಹಾರ ಹಾಗೂ ಉತ್ತಮ ನಿದ್ರೆ ಆರೋಗ್ಯಕರ ಜೀವನದ ಮೂಲ ಮಂತ್ರಗಳಾಗಿವೆ. ಯುವಜನರು ದುಶ್ಚಟಗಳಿಂದ ದೂರವಿದ್ದು ಸದೃಢ ಸಮಾಜ ನಿರ್ಮಾಣಕ್ಕೆ ಕೈಜೋಡಿಸಬೇಕು. ಮಾನಸಿಕ ಆರೋಗ್ಯದ ಬಗ್ಗೆಯೂ ಹೆಚ್ಚಿನ ಗಮನ ನೀಡುವುದು ಅಗತ್ಯ. ಸಮಸ್ಯೆಗಳಿದ್ದಲ್ಲಿ ಸಹಾಯವಾಣಿ 18003090309 ಸಂಪರ್ಕಿಸಬಹುದು ಎಂದರು. ಕಾರ್ಯಕ್ರಮದಲ್ಲಿ ಕಾಲೇಜಿನ ಪ್ರಾಂಶುಪಾಲರು, ಉಪನ್ಯಾಸಕರು,
ರಸ್ತೆ ಅಭಿವೃದ್ಧಿ ಕಾಮಗಾರಿಗೆ ಭೂಮಿ ಪೂಜೆ
ಜಗಳೂರು: ತಾಲೂಕಿನ ವಿವಿಧ ಗ್ರಾಮಗಳಲ್ಲಿ ರೂ. 12.50 ಕೋಟಿ ವೆಚ್ಚದ ರಸ್ತೆ ಅಭಿವೃದ್ಧಿ ಕಾಮಗಾರಿಗಳಿಗೆ ಶಾಸಕರು ಭೂಮಿ ಪೂಜೆ ನೆರವೇರಿಸಿದರು. ಬಳಿಕ ಮಾತನಾಡಿದ ಅವರು, ಗ್ರಾಮೀಣ ಪ್ರದೇಶಗಳ ಅಭಿವೃದ್ಧಿಗೆ ಸರ್ಕಾರ ಹೆಚ್ಚಿನ ಆದ್ಯತೆ ನೀಡುತ್ತಿದೆ. ಗುಣಮಟ್ಟದ ರಸ್ತೆ ನಿರ್ಮಾಣದಿಂದ ರೈತರು ತಮ್ಮ ಬೆಳೆಗಳನ್ನು ಮಾರುಕಟ್ಟೆಗೆ ಸಾಗಿಸಲು ಅನುಕೂಲವಾಗಲಿದೆ. ಗುತ್ತಿಗೆದಾರರು ನಿಗದಿತ ಅವಧಿಯಲ್ಲಿ ಕಾಮಗಾರಿ ಪೂರ್ಣಗೊಳಿಸಬೇಕು. ಕಳಪೆ ಕಾಮಗಾರಿ ನಡೆಸಿದರೆ ಕ್ರಮ ಕೈಗೊಳ್ಳಲಾಗುವುದು ಎಂದು ಎಚ್ಚರಿಸಿದರು. ಕೆರೆ ತುಂಬಿಸುವ ಯೋಜನೆಯಡಿ 57 ಕೆರೆಗಳಿಗೆ ನೀರು ಹರಿಸಲಾಗುತ್ತಿದೆ. ಕುಡಿಯುವ ನೀರಿನ ಸಮಸ್ಯೆ ನಿವಾರಣೆಗೆ ಕ್ರಮ ಕೈಗೊಳ್ಳಲಾಗಿದೆ. ತಾಲೂಕಿನ ಸರ್ವತೋಮುಖ ಅಭಿವೃದ್ಧಿಗೆ ಶ್ರಮಿಸಲಾಗುವುದು ಎಂದರು. ಈ ಸಂದರ್ಭದಲ್ಲಿ ಗ್ರಾಮ ಪಂಚಾಯತ್ ಅಧ್ಯಕ್ಷರು, ಸದಸ್ಯರು, ಪಕ್ಷದ ಮುಖಂಡರು, ಇಂಜಿನಿಯರ್ಗಳು ಹಾಗೂ ಗ್ರಾಮಸ್ಥರು ಉಪಸ್ಥಿತರಿದ್ದರು.
ತಾಲೂಕಿನ ವಿವಿಧ ಗ್ರಾಮಗಳಲ್ಲಿ ರೂ. 12.50 ಕೋಟಿ ವೆಚ್ಚದ ರಸ್ತೆ ಅಭಿವೃದ್ಧಿ ಕಾಮಗಾರಿಗಳಿಗೆ ಶಾಸಕರು ಭೂಮಿ ಪೂಜೆ ನೆರವೇರಿಸಿದರು. ಬಳಿಕ ಮಾತನಾಡಿದ ಅವರು, ಗ್ರಾಮೀಣ ಪ್ರದೇಶಗಳ ಅಭಿವೃದ್ಧಿಗೆ ಸರ್ಕಾರ ಹೆಚ್ಚಿನ ಆದ್ಯತೆ ನೀಡುತ್ತಿದೆ. ಗುಣಮಟ್ಟದ ರಸ್ತೆ ನಿರ್ಮಾಣದಿಂದ ರೈತರು ತಮ್ಮ ಬೆಳೆಗಳನ್ನು ಮಾರುಕಟ್ಟೆಗೆ ಸಾಗಿಸಲು ಅನುಕೂಲವಾಗಲಿದೆ. ಗುತ್ತಿಗೆದಾರರು ನಿಗದಿತ ಅವಧಿಯಲ್ಲಿ ಕಾಮಗಾರಿ ಪೂರ್ಣಗೊಳಿಸಬೇಕು. ಕಳಪೆ ಕಾಮಗಾರಿ ನಡೆಸಿದರೆ ಕ್ರಮ ಕೈಗೊಳ್ಳಲಾಗುವುದು ಎಂದು ಎಚ್ಚರಿಸಿದರು. ಕೆರೆ ತುಂಬಿಸುವ ಯೋಜನೆಯಡಿ 57 ಕೆರೆಗಳಿಗೆ ನೀರು ಹರಿಸಲಾಗುತ್ತಿದೆ. ಕುಡಿಯುವ ನೀರಿನ
ತಾಲೂಕಿನ ವಿವಿಧ ಗ್ರಾಮಗಳಲ್ಲಿ ರೂ. 12.50 ಕೋಟಿ ವೆಚ್ಚದ ರಸ್ತೆ ಅಭಿವೃದ್ಧಿ ಕಾಮಗಾರಿಗಳಿಗೆ ಶಾಸಕರು ಭೂಮಿ ಪೂಜೆ ನೆರವೇರಿಸಿದರು. ಬಳಿಕ ಮಾತನಾಡಿದ ಅವರು, ಗ್ರಾಮೀಣ ಪ್ರದೇಶಗಳ ಅಭಿವೃದ್ಧಿಗೆ ಸರ್ಕಾರ ಹೆಚ್ಚಿನ ಆದ್ಯತೆ ನೀಡುತ್ತಿದೆ. ಗುಣಮಟ್ಟದ ರಸ್ತೆ ನಿರ್ಮಾಣದಿಂದ ರೈತರು ತಮ್ಮ ಬೆಳೆಗಳನ್ನು ಮಾರುಕಟ್ಟೆಗೆ ಸಾಗಿಸಲು ಅನುಕೂಲವಾಗಲಿದೆ. ಗುತ್ತಿಗೆದಾರರು ನಿಗದಿತ ಅವಧಿಯಲ್ಲಿ ಕಾಮಗಾರಿ ಪೂರ್ಣಗೊಳಿಸಬೇಕು. ಕಳಪೆ ಕಾಮಗಾರಿ ನಡೆಸಿದರೆ ಕ್ರಮ ಕೈಗೊಳ್ಳಲಾಗುವುದು ಎಂದು ಎಚ್ಚರಿಸಿದರು. ಕೆರೆ ತುಂಬಿಸುವ ಯೋಜನೆಯಡಿ 57 ಕೆರೆಗಳಿಗೆ ನೀರು ಹರಿಸಲಾಗುತ್ತಿದೆ. ಕುಡಿಯುವ ನೀರಿನ ಸಮಸ್ಯೆ ನಿವಾರಣೆಗೆ ಕ್ರಮ ಕೈಗೊಳ್ಳಲಾಗಿದೆ. ತಾಲೂಕಿನ
